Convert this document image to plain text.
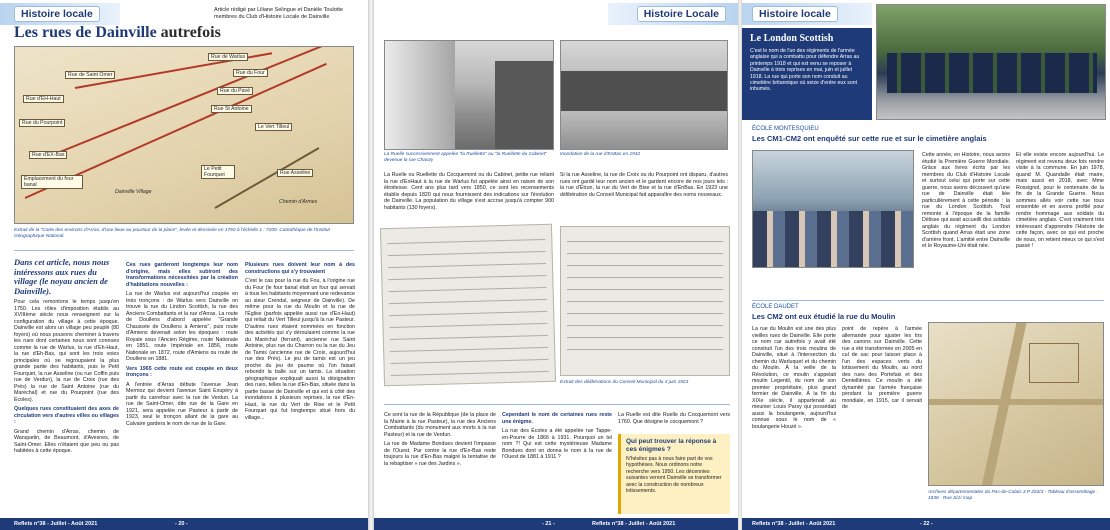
Histoire locale
Les rues de Dainville autrefois
Article rédigé par Liliane Selingue et Danièle Toulotte membres du Club d'Histoire Locale de Dainville
Rue de Warlus
Rue de Saint Omer	Rue du Four
Rue d'EH-Haut
Rue du Pavé
Rue St Antoine
Rue du Pourpoint
Le Vert Tilleul
Rue d'EX-Bas
Rue Asseline
Emplacement du four banal
Le Petit Fourquet
Dainville Village
Chemin d'Armes
Extrait de la "Carte des environs d'Arras, d'une lieue au pourtour de la place", levée et dessinée en 1750 à l'échelle 1 : 7200. Cartothèque de l'Institut Géographique National.

Dans cet article, nous nous intéressons aux rues du village (le noyau ancien de Dainville).

Pour cela remontons le temps jusqu'en 1750. Les rôles d'imposition établis au XVIIIème siècle nous renseignent sur la configuration du village à cette époque. Dainville est alors un village peu peuplé (80 foyers) où nous pouvons cheminer à travers les rues dont certaines nous sont connues comme la rue de Warlus, la rue d'Eh-Haut, la rue d'Eh-Bas, qui sont les trois voies principales où se regroupaient la plus grande partie des habitants, puis le Petit Fourquet, la rue Asseline (ou rue Coffin puis rue de Verdun), la rue de Croix (rue des Prés) la rue de Saint Antoine (rue du Maréchal) et rue du Pourpoint (rue des Écoles).

Quelques rues constituaient des axes de circulation vers d'autres villes ou villages :

Grand chemin d'Arras, chemin de Wanquetin, de Beaumont, d'Avesnes, de Saint-Omer. Elles n'étaient que peu ou pas habitées à cette époque.

Ces rues garderont longtemps leur nom d'origine, mais elles subiront des transformations nécessitées par la création d'habitations nouvelles :

La rue de Warlus est aujourd'hui coupée en trois tronçons : de Warlus vers Dainville on trouve la rue du Lindon Scottish, la rue des Anciens Combattants et la rue d'Arras. La route de Doullens d'abord appelée "Grande Chaussée de Doullens à Amiens", puis route d'Amiens devenait selon les époques : route Royale sous l'Ancien Régime, route Nationale en 1851, route Impériale en 1856, route Nationale en 1872, route d'Amiens ou route de Doullens en 1881.

Vers 1965 cette route est coupée en deux tronçons :

A l'entrée d'Arras débute l'avenue Jean Mermoz qui devient l'avenue Saint Exupéry à partir du carrefour avec la rue de Verdun. La rue de Saint-Omer, dite rue de la Gare en 1921, sera appelée rue Pasteur à partir de 1923, seul le tronçon allant de la gare au Calvaire gardera le nom de rue de la Gare.

Plusieurs rues doivent leur nom à des constructions qui s'y trouvaient

C'est le cas pour la rue du Fou, à l'origine rue du Four (le four banal était un four qui servait à tous les habitants moyennant une redevance au sieur Crendal, seigneur de Dainville). De même pour la rue du Moulin et la rue de l'Église (parfois appelée aussi rue d'En-Haut) qui reliait du Vert Tilleul jusqu'à la rue Pasteur. D'autres rues étaient nommées en fonction des activités qui s'y déroulaient comme la rue du Maréchal (ferrant), ancienne rue Saint Antoine, plus rue du Charron ou la rue du Jeu de Tamis (ancienne rue de Croix, aujourd'hui rue des Prés). Le jeu de tamis est un jeu proche du jeu de paume où l'on faisait rebondir la balle sur un tamis. La situation géographique expliquait aussi la désignation des rues, telles la rue d'En-Bas, située dans la partie basse de Dainville et qui est à côté des inondations à plusieurs reprises, la rue d'En-Haut, la rue du Vert de Rise et le Petit Fourquet qui fut longtemps situé hors du village...

Reflets n°38 - Juillet - Août 2021	- 20 -
Histoire Locale
La Ruelle successivement appelée "la Ruellette" ou "la Ruellette du Cabinet" devenue la rue Chanzy
Inondation de la rue d'EnBas en 1942

La Ruelle ou Ruellette du Cocquemont ou du Cabinet, petite rue reliant la rue d'EnHaut à la rue de Warlus fut appelée ainsi en raison de son étroitesse. Cent ans plus tard vers 1850, ce sont les recensements établis depuis 1820 qui nous fournissent des indications sur l'évolution de Dainville. La population du village s'est accrue jusqu'à compter 900 habitants (130 foyers).

Si la rue Asseline, la rue de Croix ou du Pourpoint ont disparu, d'autres rues ont gardé leur nom ancien et le gardent encore de nos jours tels : la rue d'Étrun, la rue du Vert de Bise et la rue d'EnBas. En 1923 une délibération du Conseil Municipal fait apparaître des noms nouveaux.

Extrait des délibérations du Conseil Municipal du 3 juin 1923

Ce sont la rue de la République (de la place de la Mairie à la rue Pasteur), la rue des Anciens Combattants (du monument aux morts à la rue Pasteur) et la rue de Verdun.

La rue de Madame Bondues devient l'impasse de l'Ouest. Par contre la rue d'En-Bas reste toujours la rue d'En-Bas malgré la tentative de la rebaptiser « rue des Jardins ».

Cependant le nom de certaines rues reste une énigme.

La rue des Écoles a été appelée rue Tappe-en-Pourre de 1866 à 1931. Pourquoi un tel nom ?! Qui est cette mystérieuse Madame Bondues dont on donna le nom à la rue de l'Ouest de 1881 à 1911 ?

La Ruelle est dite Ruelle du Cocquemont vers 1760. Que désigne le cocquemont ?

Qui peut trouver la réponse à ces énigmes ?
N'hésitez pas à nous faire part de vos hypothèses. Nous ordinons notre recherche vers 1950. Les décennies suivantes verront Dainville se transformer avec la construction de nombreux lotissements.
- 21 -	Reflets n°38 - Juillet - Août 2021
Histoire locale
Le London Scottish
C'est le nom de l'un des régiments de l'armée anglaise qui a combattu pour défendre Arras au printemps 1918 et qui est venu se reposer à Dainville à trois reprises en mai, juin et juillet 1918. La rue qui porte son nom conduit au cimetière britannique où seize d'entre eux sont inhumés.
ÉCOLE MONTESQUIEU
Les CM1-CM2 ont enquêté sur cette rue et sur le cimetière anglais

Cette année, en Histoire, nous avons étudié la Première Guerre Mondiale. Grâce aux livres écrits par les membres du Club d'Histoire Locale et surtout celui qui porte sur cette guerre, nous avons découvert qu'une rue de Dainville était liée particulièrement à cette période : la rue du London Scottish. Tout remonte à l'époque de la famille Délisse qui avait accueilli des soldats anglais du régiment du London Scottish quand Arras était une zone d'arrière front. L'amitié entre Dainville et le Royaume-Uni était née.

Et elle existe encore aujourd'hui. Le régiment est revenu deux fois rendre visite à la commune. En juin 1978, quand M. Quandalle était maire, mais aussi en 2018, avec Mme Rossignol, pour le centenaire de la fin de la Grande Guerre. Nous sommes allés voir cette rue tous ensemble et en avons profité pour rendre hommage aux soldats du cimetière anglais. C'est vraiment très intéressant d'apprendre l'Histoire de cette façon, avec ce qui est proche de nous, on retient mieux ce qui s'est passé !

ÉCOLE DAUDET
Les CM2 ont eux étudié la rue du Moulin

La rue du Moulin est une des plus vieilles rues de Dainville. Elle porte ce nom car autrefois y avait été construit l'un des trois moulins de Dainville, situé à l'intersection du chemin du Warluquet et du chemin du Moulin. À la veille de la Révolution, ce moulin s'appelait moulin Legentil, du nom de son premier propriétaire, plus grand fermier de Dainville. À la fin du XIXe siècle, il appartenait au meunier Louis Parsy qui possédait aussi la boulangerie, aujourd'hui connue sous le nom de « boulangerie Houzé ».

point de repère à l'armée allemande pour ajuster les tirs des canons sur Dainville. Cette rue a été transformée en 2005 en cul de sac pour laisser place à l'un des espaces verts du lotissement du Moulin, au nord des rues des Portefaix et des Dentellières. Ce moulin a été dynamité par l'armée française pendant la première guerre mondiale, en 1915, car il servait de

Archives départementales du Pas-de-Calais 3 P 263/3 - Tableau d'assemblage - 1838 - Rue S/1/ map
Reflets n°38 - Juillet - Août 2021	- 22 -
